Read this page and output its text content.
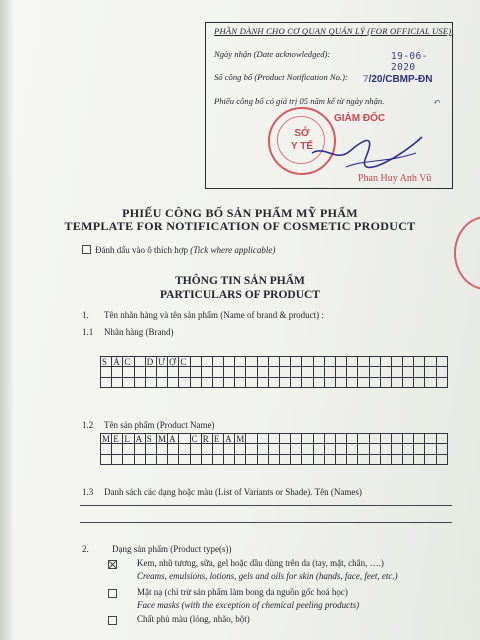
PHẦN DÀNH CHO CƠ QUAN QUẢN LÝ (FOR OFFICIAL USE)
Ngày nhận (Date acknowledged):	19-06-2020
Số công bố (Product Notification No.): 7/20/CBMP-ĐN
Phiếu công bố có giá trị 05 năm kể từ ngày nhận.	↶
SỞ
Y TẾ
GIÁM ĐỐC
Phan Huy Anh Vũ
PHIẾU CÔNG BỐ SẢN PHẨM MỸ PHẨM
TEMPLATE FOR NOTIFICATION OF COSMETIC PRODUCT
Đánh dấu vào ô thích hợp (Tick where applicable)
THÔNG TIN SẢN PHẨM
PARTICULARS OF PRODUCT
1. Tên nhãn hàng và tên sản phẩm (Name of brand & product) :
1.1 Nhãn hàng (Brand)
S Á C	D Ư Ợ C
1.2 Tên sản phẩm (Product Name)
M E L A S M A	C R E A M
1.3 Danh sách các dạng hoặc màu (List of Variants or Shade). Tên (Names)
2.	Dạng sản phẩm (Product type(s))
Kem, nhũ tương, sữa, gel hoặc dầu dùng trên da (tay, mặt, chân, ….)
Creams, emulsions, lotions, gels and oils for skin (hands, face, feet, etc.)
Mặt nạ (chỉ trừ sản phẩm làm bong da nguồn gốc hoá học)
Face masks (with the exception of chemical peeling products)
Chất phủ màu (lỏng, nhão, bột)
